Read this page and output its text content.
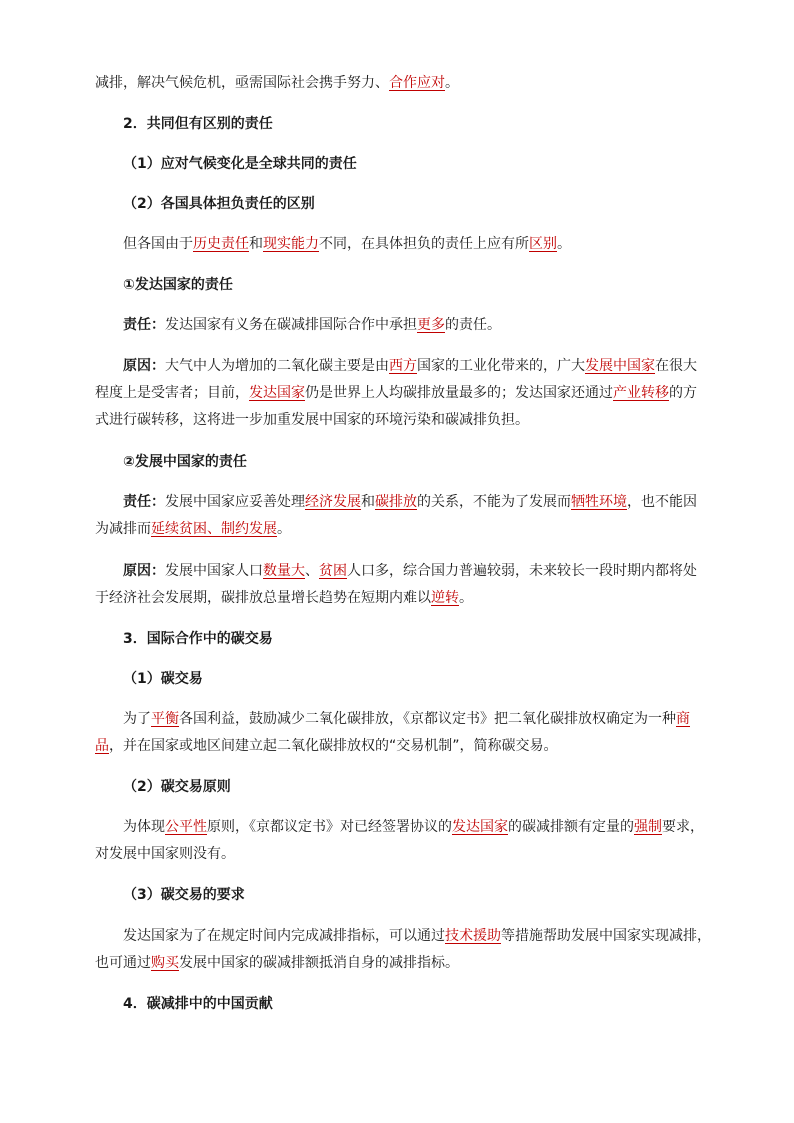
减排，解决气候危机，亟需国际社会携手努力、合作应对。
2．共同但有区别的责任
（1）应对气候变化是全球共同的责任
（2）各国具体担负责任的区别
但各国由于历史责任和现实能力不同，在具体担负的责任上应有所区别。
①发达国家的责任
责任：发达国家有义务在碳减排国际合作中承担更多的责任。
原因：大气中人为增加的二氧化碳主要是由西方国家的工业化带来的，广大发展中国家在很大
程度上是受害者；目前，发达国家仍是世界上人均碳排放量最多的；发达国家还通过产业转移的方
式进行碳转移，这将进一步加重发展中国家的环境污染和碳减排负担。
②发展中国家的责任
责任：发展中国家应妥善处理经济发展和碳排放的关系，不能为了发展而牺牲环境，也不能因
为减排而延续贫困、制约发展。
原因：发展中国家人口数量大、贫困人口多，综合国力普遍较弱，未来较长一段时期内都将处
于经济社会发展期，碳排放总量增长趋势在短期内难以逆转。
3．国际合作中的碳交易
（1）碳交易
为了平衡各国利益，鼓励减少二氧化碳排放，《京都议定书》把二氧化碳排放权确定为一种商
品，并在国家或地区间建立起二氧化碳排放权的“交易机制”，简称碳交易。
（2）碳交易原则
为体现公平性原则，《京都议定书》对已经签署协议的发达国家的碳减排额有定量的强制要求，
对发展中国家则没有。
（3）碳交易的要求
发达国家为了在规定时间内完成减排指标，可以通过技术援助等措施帮助发展中国家实现减排，
也可通过购买发展中国家的碳减排额抵消自身的减排指标。
4．碳减排中的中国贡献
